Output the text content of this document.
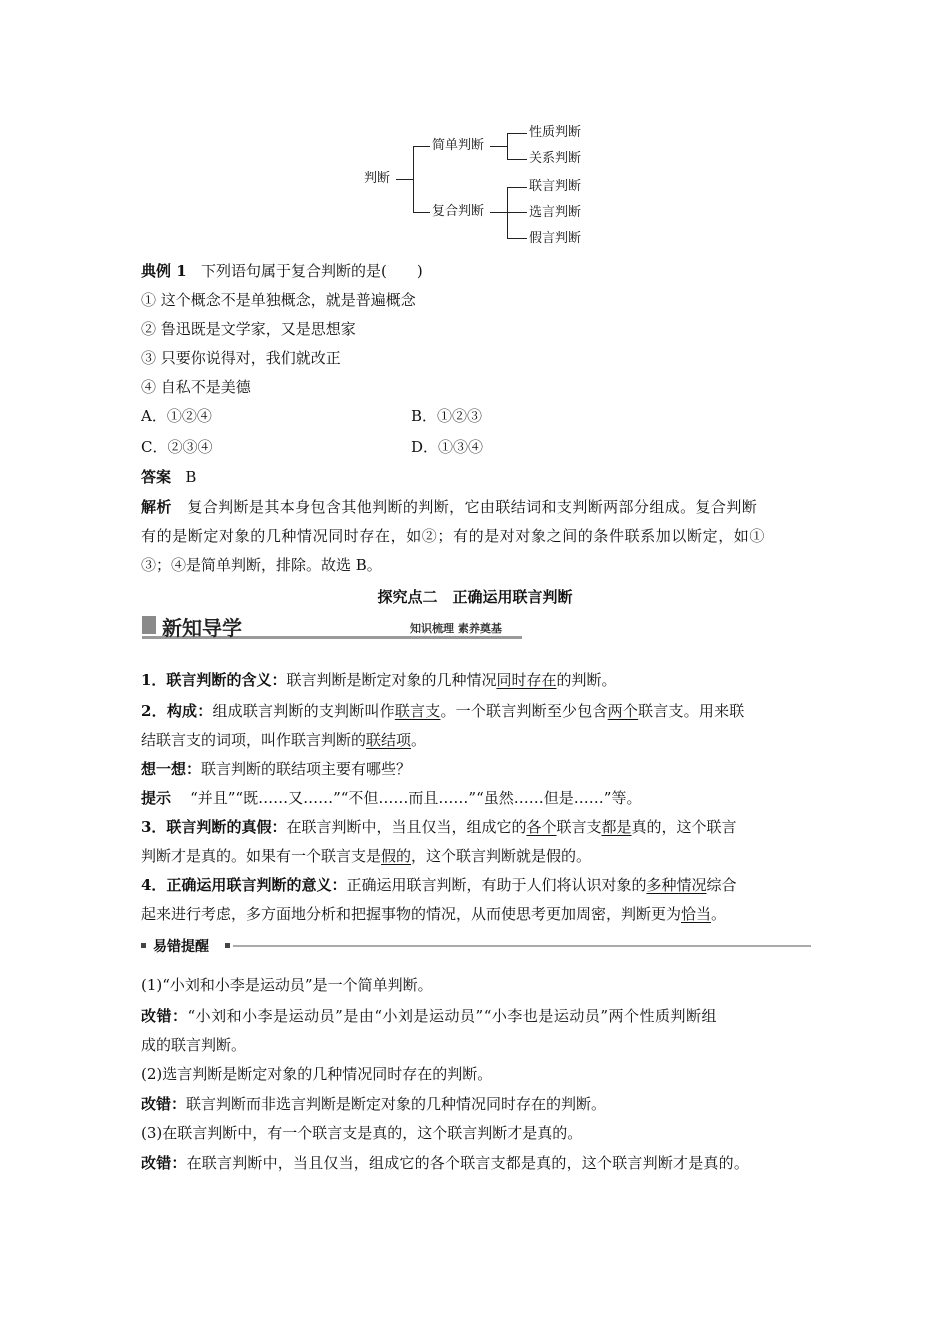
判断
简单判断
复合判断
性质判断
关系判断
联言判断
选言判断
假言判断
典例 1 下列语句属于复合判断的是(　　)
① 这个概念不是单独概念，就是普遍概念
② 鲁迅既是文学家，又是思想家
③ 只要你说得对，我们就改正
④ 自私不是美德
A．①②④	B．①②③
C．②③④	D．①③④
答案 B
解析 复合判断是其本身包含其他判断的判断，它由联结词和支判断两部分组成。复合判断
有的是断定对象的几种情况同时存在，如②；有的是对对象之间的条件联系加以断定，如①
③；④是简单判断，排除。故选 B。
探究点二　正确运用联言判断
新知导学	知识梳理 素养奠基
1．联言判断的含义：联言判断是断定对象的几种情况同时存在的判断。
2．构成：组成联言判断的支判断叫作联言支。一个联言判断至少包含两个联言支。用来联
结联言支的词项，叫作联言判断的联结项。
想一想：联言判断的联结项主要有哪些？
提示 “并且”“既……又……”“不但……而且……”“虽然……但是……”等。
3．联言判断的真假：在联言判断中，当且仅当，组成它的各个联言支都是真的，这个联言
判断才是真的。如果有一个联言支是假的，这个联言判断就是假的。
4．正确运用联言判断的意义：正确运用联言判断，有助于人们将认识对象的多种情况综合
起来进行考虑，多方面地分析和把握事物的情况，从而使思考更加周密，判断更为恰当。
易错提醒
(1)“小刘和小李是运动员”是一个简单判断。
改错：“小刘和小李是运动员”是由“小刘是运动员”“小李也是运动员”两个性质判断组
成的联言判断。
(2)选言判断是断定对象的几种情况同时存在的判断。
改错：联言判断而非选言判断是断定对象的几种情况同时存在的判断。
(3)在联言判断中，有一个联言支是真的，这个联言判断才是真的。
改错：在联言判断中，当且仅当，组成它的各个联言支都是真的，这个联言判断才是真的。
